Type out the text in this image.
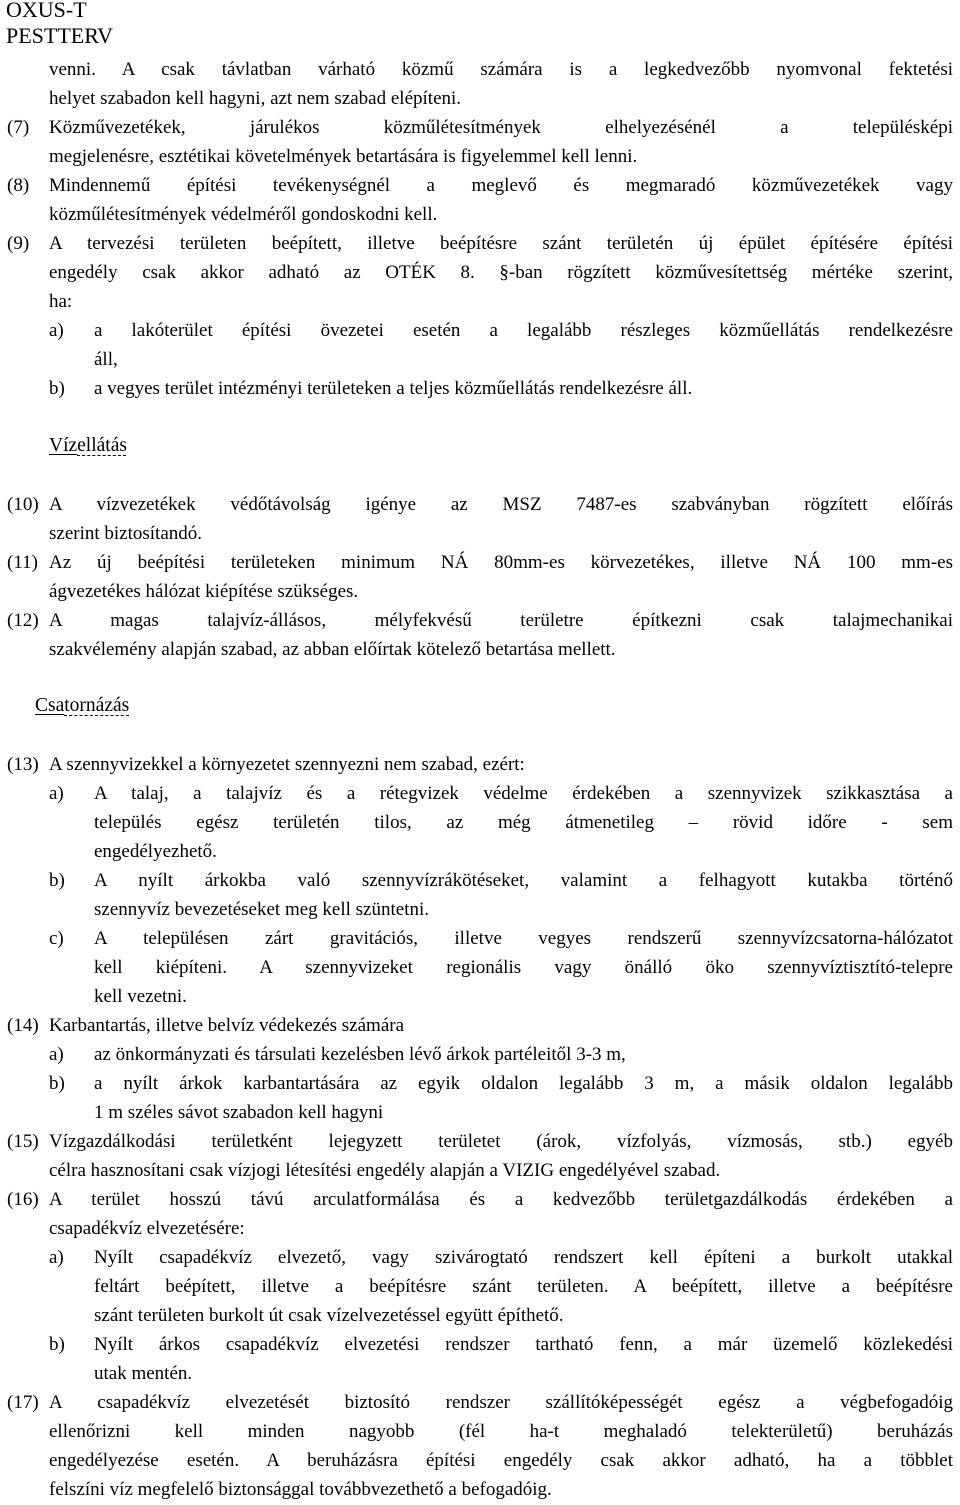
OXUS-T
PESTTERV
venni. A csak távlatban várható közmű számára is a legkedvezőbb nyomvonal fektetési
helyet szabadon kell hagyni, azt nem szabad elépíteni.
(7) Közművezetékek, járulékos közműlétesítmények elhelyezésénél a településképi
megjelenésre, esztétikai követelmények betartására is figyelemmel kell lenni.
(8) Mindennemű építési tevékenységnél a meglevő és megmaradó közművezetékek vagy
közműlétesítmények védelméről gondoskodni kell.
(9) A tervezési területen beépített, illetve beépítésre szánt területén új épület építésére építési
engedély csak akkor adható az OTÉK 8. §-ban rögzített közművesítettség mértéke szerint,
ha:
a) a lakóterület építési övezetei esetén a legalább részleges közműellátás rendelkezésre
áll,
b) a vegyes terület intézményi területeken a teljes közműellátás rendelkezésre áll.
Vízellátás
(10) A vízvezetékek védőtávolság igénye az MSZ 7487-es szabványban rögzített előírás
szerint biztosítandó.
(11) Az új beépítési területeken minimum NÁ 80mm-es körvezetékes, illetve NÁ 100 mm-es
ágvezetékes hálózat kiépítése szükséges.
(12) A magas talajvíz-állásos, mélyfekvésű területre építkezni csak talajmechanikai
szakvélemény alapján szabad, az abban előírtak kötelező betartása mellett.
Csatornázás
(13) A szennyvizekkel a környezetet szennyezni nem szabad, ezért:
a) A talaj, a talajvíz és a rétegvizek védelme érdekében a szennyvizek szikkasztása a
település egész területén tilos, az még átmenetileg – rövid időre - sem
engedélyezhető.
b) A nyílt árkokba való szennyvízrákötéseket, valamint a felhagyott kutakba történő
szennyvíz bevezetéseket meg kell szüntetni.
c) A településen zárt gravitációs, illetve vegyes rendszerű szennyvízcsatorna-hálózatot
kell kiépíteni. A szennyvizeket regionális vagy önálló öko szennyvíztisztító-telepre
kell vezetni.
(14) Karbantartás, illetve belvíz védekezés számára
a) az önkormányzati és társulati kezelésben lévő árkok partéleitől 3-3 m,
b) a nyílt árkok karbantartására az egyik oldalon legalább 3 m, a másik oldalon legalább
1 m széles sávot szabadon kell hagyni
(15) Vízgazdálkodási területként lejegyzett területet (árok, vízfolyás, vízmosás, stb.) egyéb
célra hasznosítani csak vízjogi létesítési engedély alapján a VIZIG engedélyével szabad.
(16) A terület hosszú távú arculatformálása és a kedvezőbb területgazdálkodás érdekében a
csapadékvíz elvezetésére:
a) Nyílt csapadékvíz elvezető, vagy szivárogtató rendszert kell építeni a burkolt utakkal
feltárt beépített, illetve a beépítésre szánt területen. A beépített, illetve a beépítésre
szánt területen burkolt út csak vízelvezetéssel együtt építhető.
b) Nyílt árkos csapadékvíz elvezetési rendszer tartható fenn, a már üzemelő közlekedési
utak mentén.
(17) A csapadékvíz elvezetését biztosító rendszer szállítóképességét egész a végbefogadóig
ellenőrizni kell minden nagyobb (fél ha-t meghaladó telekterületű) beruházás
engedélyezése esetén. A beruházásra építési engedély csak akkor adható, ha a többlet
felszíni víz megfelelő biztonsággal továbbvezethető a befogadóig.
